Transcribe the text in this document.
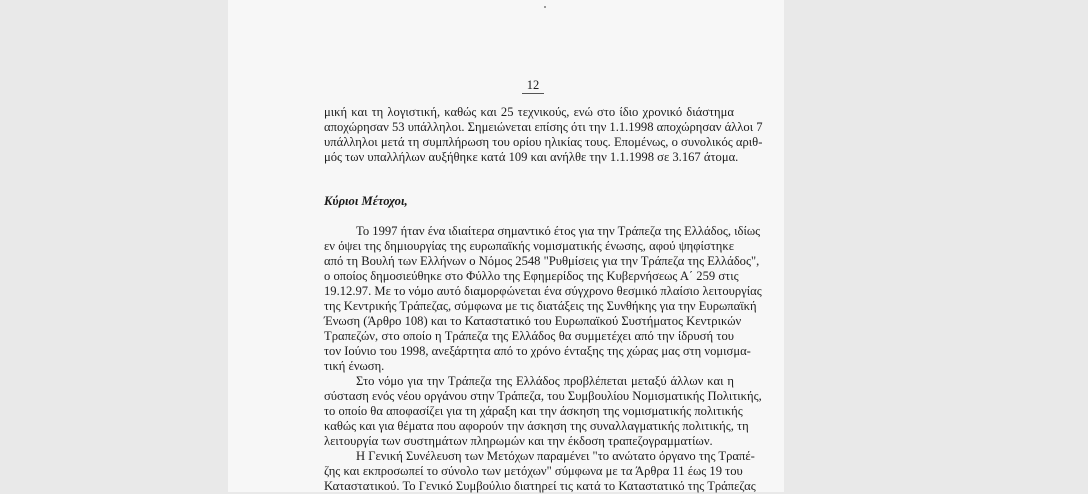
12
μική και τη λογιστική, καθώς και 25 τεχνικούς, ενώ στο ίδιο χρονικό διάστημα
αποχώρησαν 53 υπάλληλοι. Σημειώνεται επίσης ότι την 1.1.1998 αποχώρησαν άλλοι 7
υπάλληλοι μετά τη συμπλήρωση του ορίου ηλικίας τους. Επομένως, ο συνολικός αριθ-
μός των υπαλλήλων αυξήθηκε κατά 109 και ανήλθε την 1.1.1998 σε 3.167 άτομα.
Κύριοι Μέτοχοι,
Το 1997 ήταν ένα ιδιαίτερα σημαντικό έτος για την Τράπεζα της Ελλάδος, ιδίως
εν όψει της δημιουργίας της ευρωπαϊκής νομισματικής ένωσης, αφού ψηφίστηκε
από τη Βουλή των Ελλήνων ο Νόμος 2548 "Ρυθμίσεις για την Τράπεζα της Ελλάδος",
ο οποίος δημοσιεύθηκε στο Φύλλο της Εφημερίδος της Κυβερνήσεως Α΄ 259 στις
19.12.97. Με το νόμο αυτό διαμορφώνεται ένα σύγχρονο θεσμικό πλαίσιο λειτουργίας
της Κεντρικής Τράπεζας, σύμφωνα με τις διατάξεις της Συνθήκης για την Ευρωπαϊκή
Ένωση (Άρθρο 108) και το Καταστατικό του Ευρωπαϊκού Συστήματος Κεντρικών
Τραπεζών, στο οποίο η Τράπεζα της Ελλάδος θα συμμετέχει από την ίδρυσή του
τον Ιούνιο του 1998, ανεξάρτητα από το χρόνο ένταξης της χώρας μας στη νομισμα-
τική ένωση.
Στο νόμο για την Τράπεζα της Ελλάδος προβλέπεται μεταξύ άλλων και η
σύσταση ενός νέου οργάνου στην Τράπεζα, του Συμβουλίου Νομισματικής Πολιτικής,
το οποίο θα αποφασίζει για τη χάραξη και την άσκηση της νομισματικής πολιτικής
καθώς και για θέματα που αφορούν την άσκηση της συναλλαγματικής πολιτικής, τη
λειτουργία των συστημάτων πληρωμών και την έκδοση τραπεζογραμματίων.
Η Γενική Συνέλευση των Μετόχων παραμένει "το ανώτατο όργανο της Τραπέ-
ζης και εκπροσωπεί το σύνολο των μετόχων" σύμφωνα με τα Άρθρα 11 έως 19 του
Καταστατικού. Το Γενικό Συμβούλιο διατηρεί τις κατά το Καταστατικό της Τράπεζας
